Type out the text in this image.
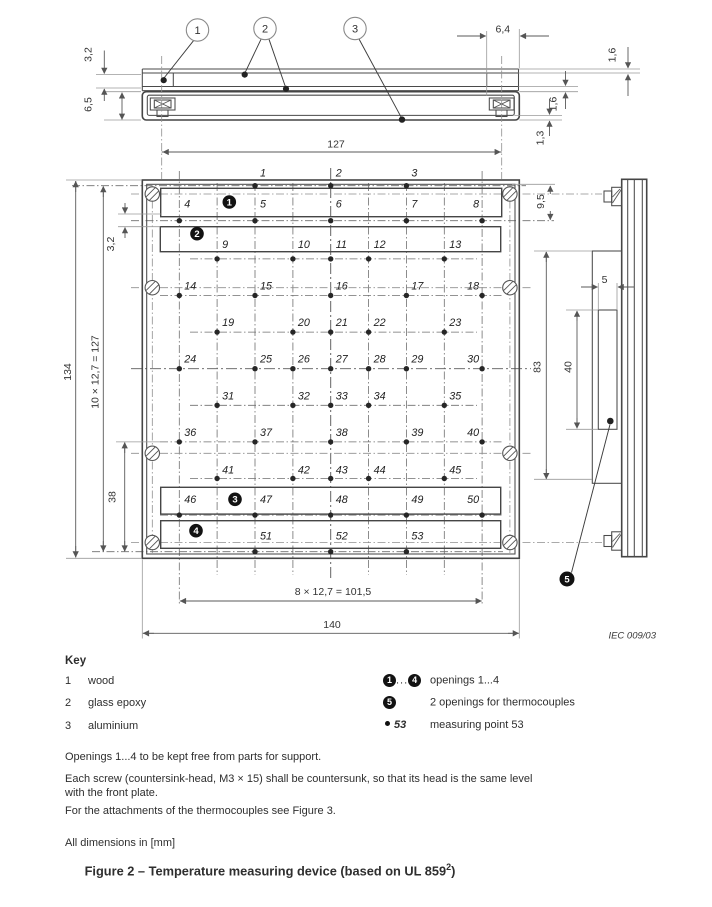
1	2	3
3,2
6,5
6,4
1,6
1,6
1,3
1
2
3
4
1	2	3
4	5	6	7	8
9	10 11 12	13
14	15	16	17	18
19	20 21 22	23
24	25 26 27 28 29	30
31	32 33 34	35
36	37	38	39	40
41	42 43 44	45
46	47	48	49	50
51	52	53
127
9,5
3,2
134 10 × 12,7 = 127
38
8 × 12,7 = 101,5
140
83 40
5
5
IEC 009/03
Key
1 wood
2 glass epoxy
3 aluminium
1 ... 4 openings 1...4
5	2 openings for thermocouples
53 measuring point 53
Openings 1...4 to be kept free from parts for support.
Each screw (countersink-head, M3 × 15) shall be countersunk, so that its head is the same level
with the front plate.
For the attachments of the thermocouples see Figure 3.
All dimensions in [mm]
Figure 2 – Temperature measuring device (based on UL $859^2$)
